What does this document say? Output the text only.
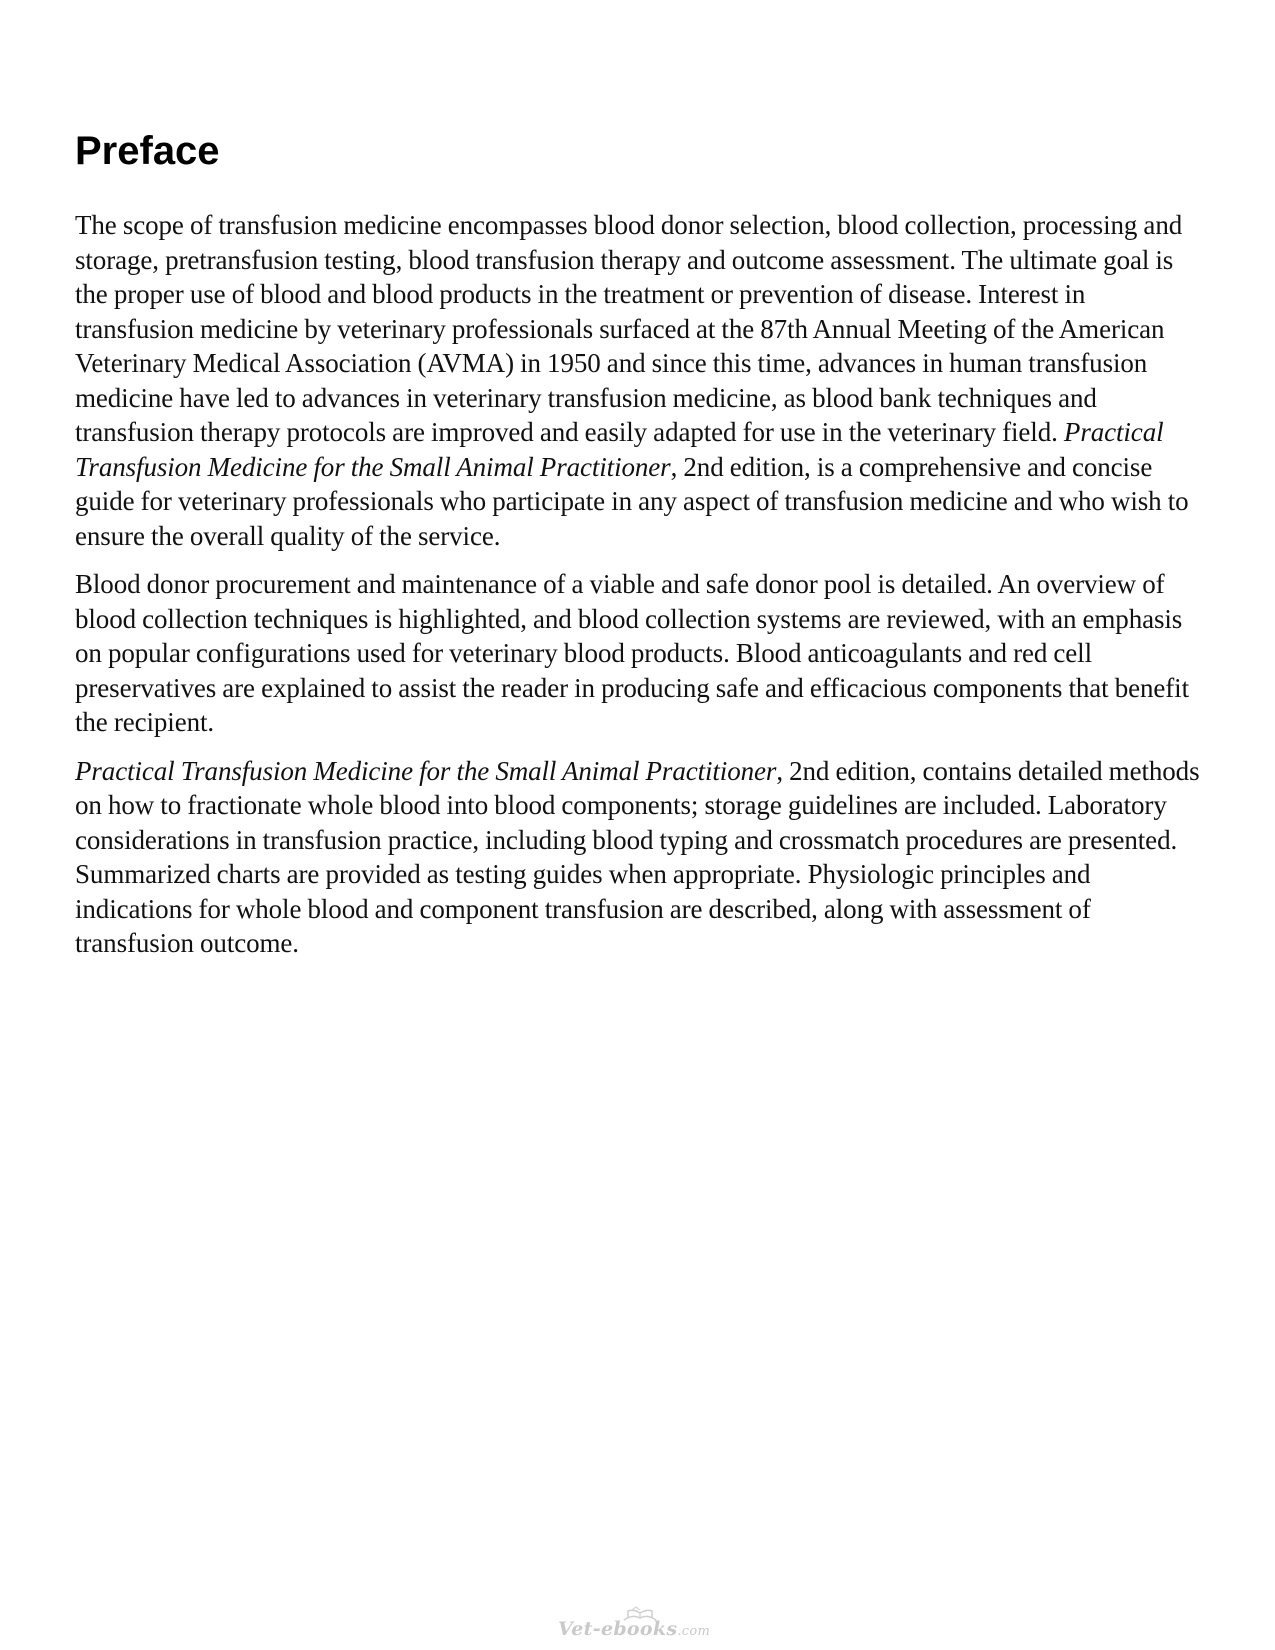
Preface

The scope of transfusion medicine encompasses blood donor selection, blood collection, processing and storage, pretransfusion testing, blood transfusion therapy and outcome assessment. The ultimate goal is the proper use of blood and blood products in the treatment or prevention of disease. Interest in transfusion medicine by veterinary professionals surfaced at the 87th Annual Meeting of the American Veterinary Medical Association (AVMA) in 1950 and since this time, advances in human transfusion medicine have led to advances in veterinary transfusion medicine, as blood bank techniques and transfusion therapy protocols are improved and easily adapted for use in the veterinary field. Practical Transfusion Medicine for the Small Animal Practitioner, 2nd edition, is a comprehensive and concise guide for veterinary professionals who participate in any aspect of transfusion medicine and who wish to ensure the overall quality of the service.

Blood donor procurement and maintenance of a viable and safe donor pool is detailed. An overview of blood collection techniques is highlighted, and blood collection systems are reviewed, with an emphasis on popular configurations used for veterinary blood products. Blood anticoagulants and red cell preservatives are explained to assist the reader in producing safe and efficacious components that benefit the recipient.

Practical Transfusion Medicine for the Small Animal Practitioner, 2nd edition, contains detailed methods on how to fractionate whole blood into blood components; storage guidelines are included. Laboratory considerations in transfusion practice, including blood typing and crossmatch procedures are presented. Summarized charts are provided as testing guides when appropriate. Physiologic principles and indications for whole blood and component transfusion are described, along with assessment of transfusion outcome.

Vet-ebooks.com
